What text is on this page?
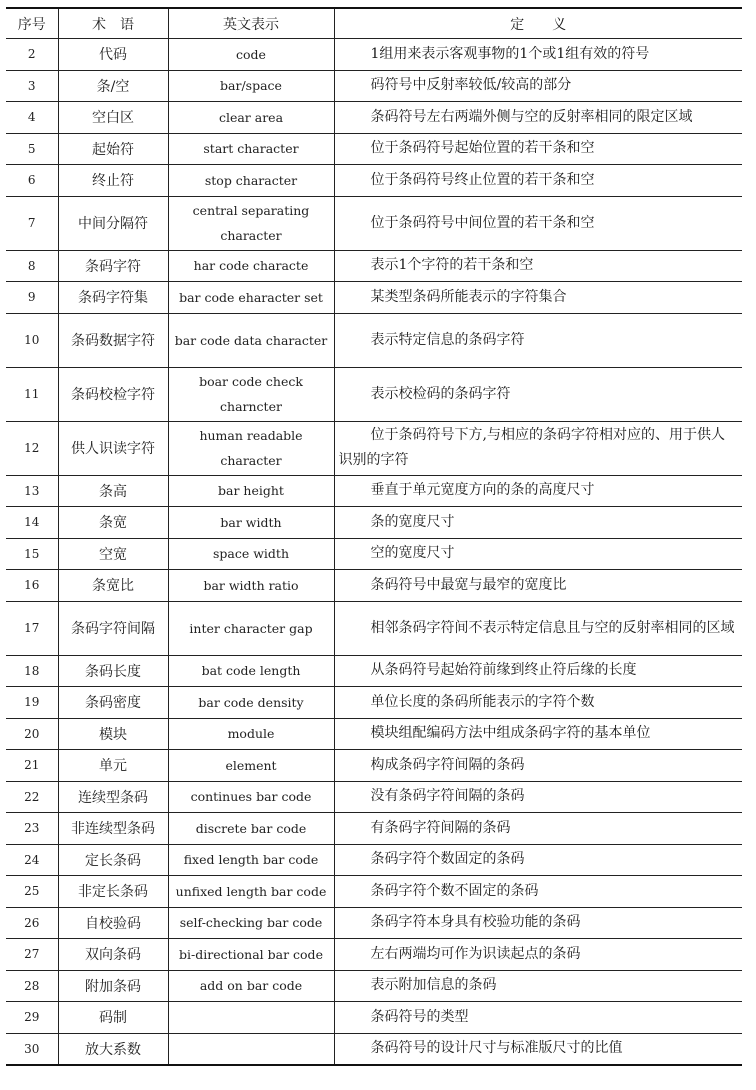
序号	术　语	英文表示	定　　义
2	代码	code	1组用来表示客观事物的1个或1组有效的符号

3	条/空	bar/space	码符号中反射率较低/较高的部分

4	空白区	clear area	条码符号左右两端外侧与空的反射率相同的限定区域

5	起始符	start character	位于条码符号起始位置的若干条和空

6	终止符	stop character	位于条码符号终止位置的若干条和空

7	中间分隔符	central separating character	位于条码符号中间位置的若干条和空

8	条码字符	har code characte	表示1个字符的若干条和空

9	条码字符集	bar code eharacter set	某类型条码所能表示的字符集合

10	条码数据字符	bar code data character	表示特定信息的条码字符

11	条码校检字符	boar code check charncter	表示校检码的条码字符

12	供人识读字符	human readable character	位于条码符号下方,与相应的条码字符相对应的、用于供人识别的字符

13	条高	bar height	垂直于单元宽度方向的条的高度尺寸

14	条宽	bar width	条的宽度尺寸

15	空宽	space width	空的宽度尺寸

16	条宽比	bar width ratio	条码符号中最宽与最窄的宽度比

17	条码字符间隔	inter character gap	相邻条码字符间不表示特定信息且与空的反射率相同的区域

18	条码长度	bat code length	从条码符号起始符前缘到终止符后缘的长度

19	条码密度	bar code density	单位长度的条码所能表示的字符个数

20	模块	module	模块组配编码方法中组成条码字符的基本单位

21	单元	element	构成条码字符间隔的条码

22	连续型条码	continues bar code	没有条码字符间隔的条码

23	非连续型条码	discrete bar code	有条码字符间隔的条码

24	定长条码	fixed length bar code	条码字符个数固定的条码

25	非定长条码	unfixed length bar code	条码字符个数不固定的条码

26	自校验码	self-checking bar code	条码字符本身具有校验功能的条码

27	双向条码	bi-directional bar code	左右两端均可作为识读起点的条码

28	附加条码	add on bar code	表示附加信息的条码

29	码制		条码符号的类型

30	放大系数		条码符号的设计尺寸与标准版尺寸的比值
